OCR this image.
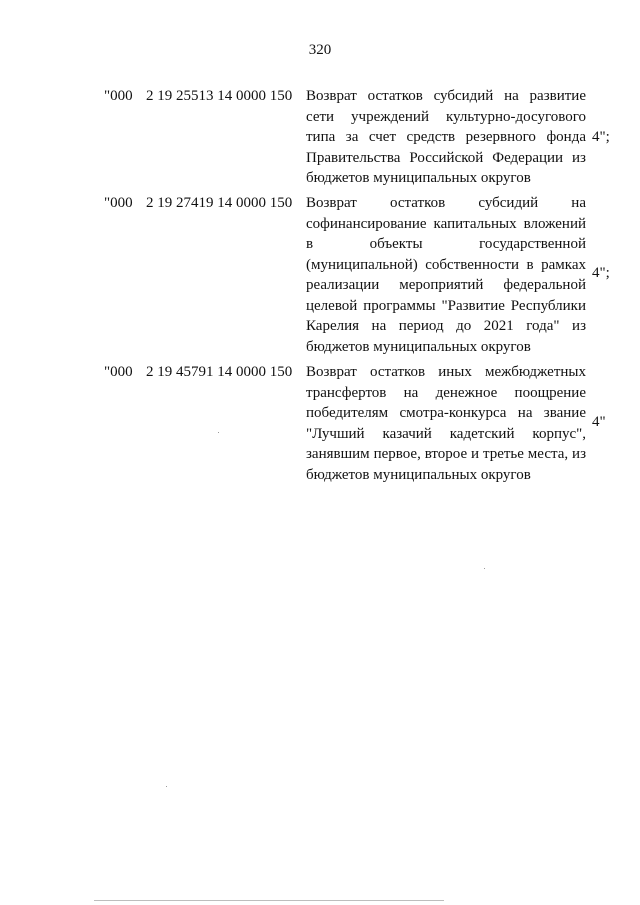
320
"000 2 19 25513 14 0000 150 Возврат остатков субсидий на развитие сети учреждений культурно-досугового типа за счет средств резервного фонда Правительства Российской Федерации из бюджетов муниципальных округов
4";
"000 2 19 27419 14 0000 150 Возврат остатков субсидий на софинансирование капитальных вложений в объекты государственной (муниципальной) собственности в рамках реализации мероприятий федеральной целевой программы "Развитие Республики Карелия на период до 2021 года" из бюджетов муниципальных округов
4";
"000 2 19 45791 14 0000 150 Возврат остатков иных межбюджетных трансфертов на денежное поощрение победителям смотра-конкурса на звание "Лучший казачий кадетский корпус", занявшим первое, второе и третье места, из бюджетов муниципальных округов
4"
